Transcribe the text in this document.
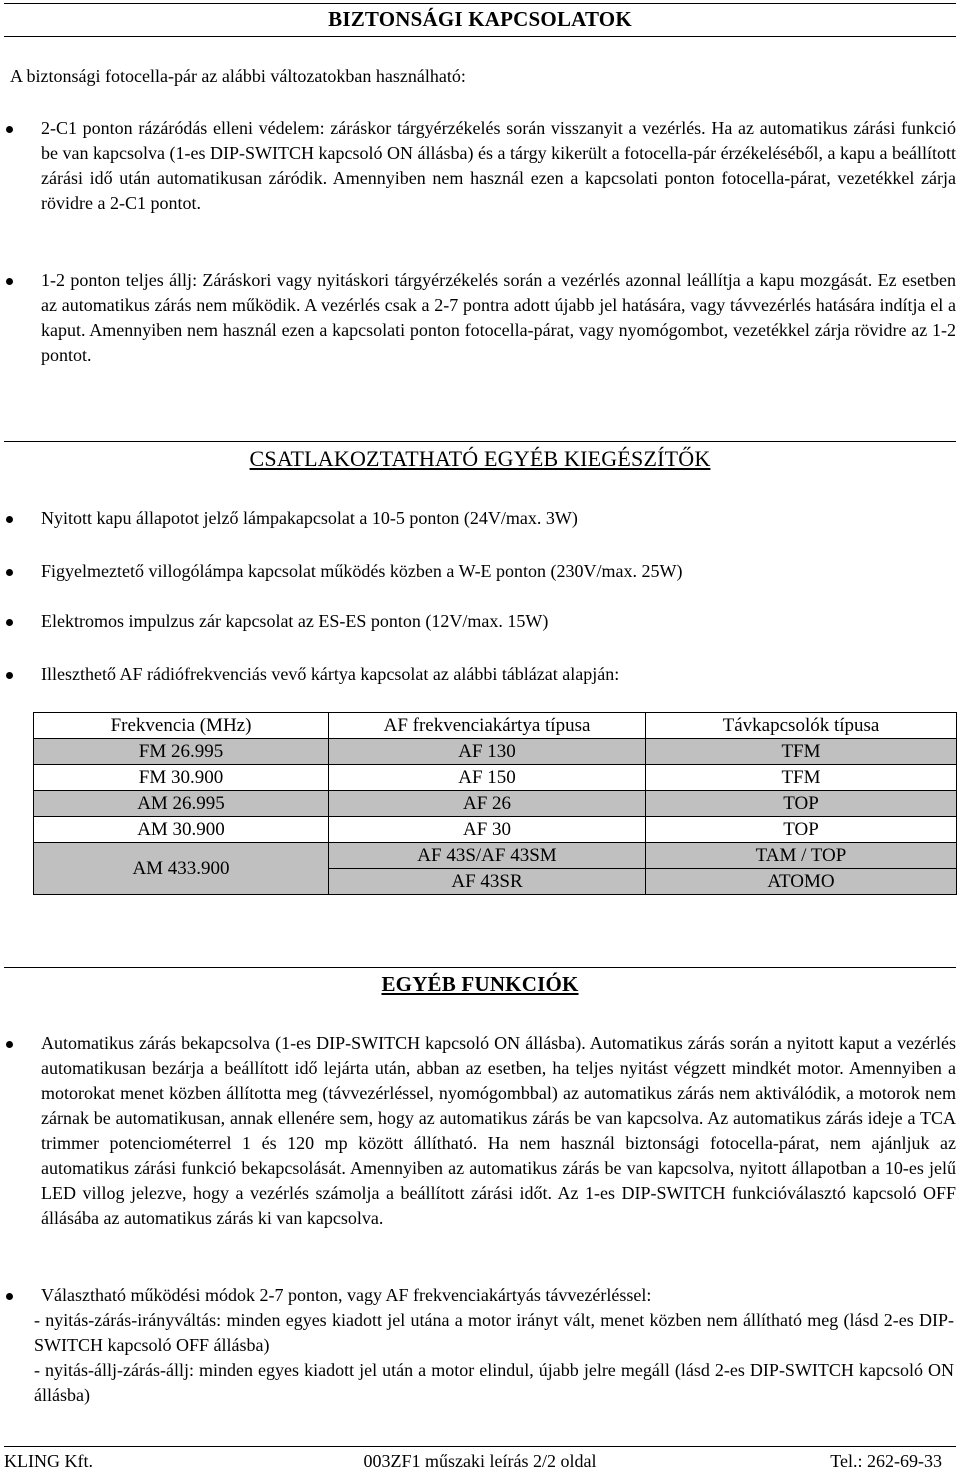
BIZTONSÁGI KAPCSOLATOK
A biztonsági fotocella-pár az alábbi változatokban használható:
2-C1 ponton rázáródás elleni védelem: záráskor tárgyérzékelés során visszanyit a vezérlés. Ha az automatikus zárási funkció be van kapcsolva (1-es DIP-SWITCH kapcsoló ON állásba) és a tárgy kikerült a fotocella-pár érzékeléséből, a kapu a beállított zárási idő után automatikusan záródik. Amennyiben nem használ ezen a kapcsolati ponton fotocella-párat, vezetékkel zárja rövidre a 2-C1 pontot.
1-2 ponton teljes állj: Záráskori vagy nyitáskori tárgyérzékelés során a vezérlés azonnal leállítja a kapu mozgását. Ez esetben az automatikus zárás nem működik. A vezérlés csak a 2-7 pontra adott újabb jel hatására, vagy távvezérlés hatására indítja el a kaput. Amennyiben nem használ ezen a kapcsolati ponton fotocella-párat, vagy nyomógombot, vezetékkel zárja rövidre az 1-2 pontot.
CSATLAKOZTATHATÓ EGYÉB KIEGÉSZÍTŐK
Nyitott kapu állapotot jelző lámpakapcsolat a 10-5 ponton (24V/max. 3W)
Figyelmeztető villogólámpa kapcsolat működés közben a W-E ponton (230V/max. 25W)
Elektromos impulzus zár kapcsolat az ES-ES ponton (12V/max. 15W)
Illeszthető AF rádiófrekvenciás vevő kártya kapcsolat az alábbi táblázat alapján:
Frekvencia (MHz)	AF frekvenciakártya típusa	Távkapcsolók típusa
FM 26.995	AF 130	TFM
FM 30.900	AF 150	TFM
AM 26.995	AF 26	TOP
AM 30.900	AF 30	TOP
AM 433.900	AF 43S/AF 43SM	TAM / TOP
	AF 43SR	ATOMO
EGYÉB FUNKCIÓK
Automatikus zárás bekapcsolva (1-es DIP-SWITCH kapcsoló ON állásba). Automatikus zárás során a nyitott kaput a vezérlés automatikusan bezárja a beállított idő lejárta után, abban az esetben, ha teljes nyitást végzett mindkét motor. Amennyiben a motorokat menet közben állította meg (távvezérléssel, nyomógombbal) az automatikus zárás nem aktiválódik, a motorok nem zárnak be automatikusan, annak ellenére sem, hogy az automatikus zárás be van kapcsolva. Az automatikus zárás ideje a TCA trimmer potenciométerrel 1 és 120 mp között állítható. Ha nem használ biztonsági fotocella-párat, nem ajánljuk az automatikus zárási funkció bekapcsolását. Amennyiben az automatikus zárás be van kapcsolva, nyitott állapotban a 10-es jelű LED villog jelezve, hogy a vezérlés számolja a beállított zárási időt. Az 1-es DIP-SWITCH funkcióválasztó kapcsoló OFF állásába az automatikus zárás ki van kapcsolva.
Választható működési módok 2-7 ponton, vagy AF frekvenciakártyás távvezérléssel:
- nyitás-zárás-irányváltás: minden egyes kiadott jel utána a motor irányt vált, menet közben nem állítható meg (lásd 2-es DIP-SWITCH kapcsoló OFF állásba)
- nyitás-állj-zárás-állj: minden egyes kiadott jel után a motor elindul, újabb jelre megáll (lásd 2-es DIP-SWITCH kapcsoló ON állásba)
KLING Kft.	003ZF1 műszaki leírás 2/2 oldal	Tel.: 262-69-33
